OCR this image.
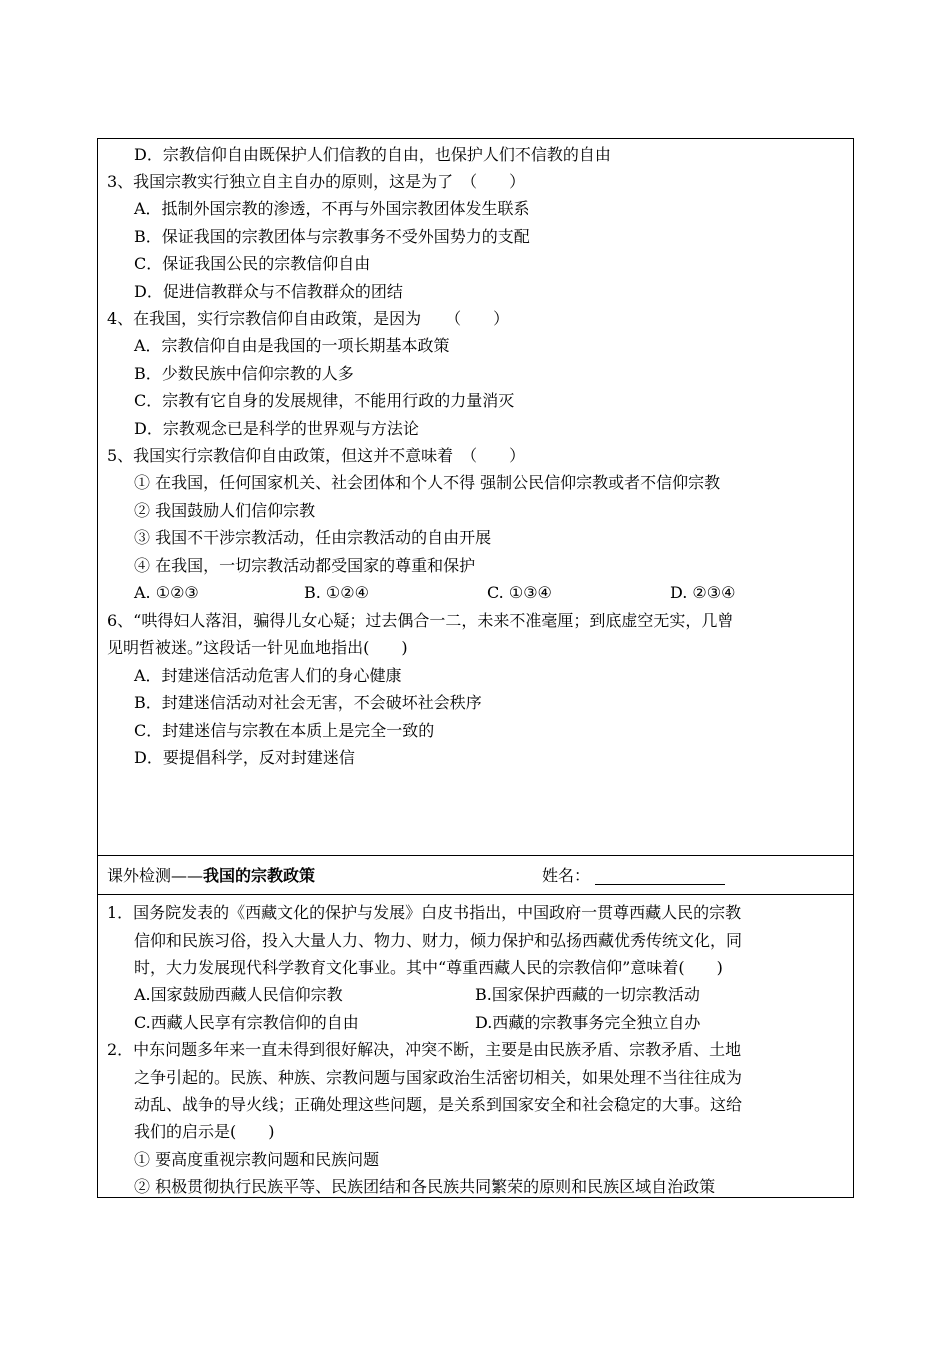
D．宗教信仰自由既保护人们信教的自由，也保护人们不信教的自由
3、我国宗教实行独立自主自办的原则，这是为了　（　　）
A．抵制外国宗教的渗透，不再与外国宗教团体发生联系
B．保证我国的宗教团体与宗教事务不受外国势力的支配
C．保证我国公民的宗教信仰自由
D．促进信教群众与不信教群众的团结
4、在我国，实行宗教信仰自由政策，是因为　　（　　）
A．宗教信仰自由是我国的一项长期基本政策
B．少数民族中信仰宗教的人多
C．宗教有它自身的发展规律，不能用行政的力量消灭
D．宗教观念已是科学的世界观与方法论
5、我国实行宗教信仰自由政策，但这并不意味着　（　　）
① 在我国，任何国家机关、社会团体和个人不得 强制公民信仰宗教或者不信仰宗教
② 我国鼓励人们信仰宗教
③ 我国不干涉宗教活动，任由宗教活动的自由开展
④ 在我国，一切宗教活动都受国家的尊重和保护
A. ①②③	B. ①②④	C. ①③④	D. ②③④
6、“哄得妇人落泪，骗得儿女心疑；过去偶合一二，未来不准毫厘；到底虚空无实，几曾
见明哲被迷。”这段话一针见血地指出(　　)
A．封建迷信活动危害人们的身心健康
B．封建迷信活动对社会无害，不会破坏社会秩序
C．封建迷信与宗教在本质上是完全一致的
D．要提倡科学，反对封建迷信
课外检测——我国的宗教政策	姓名：
1．国务院发表的《西藏文化的保护与发展》白皮书指出，中国政府一贯尊西藏人民的宗教
信仰和民族习俗，投入大量人力、物力、财力，倾力保护和弘扬西藏优秀传统文化，同
时，大力发展现代科学教育文化事业。其中“尊重西藏人民的宗教信仰”意味着(　　)
A.国家鼓励西藏人民信仰宗教	B.国家保护西藏的一切宗教活动
C.西藏人民享有宗教信仰的自由	D.西藏的宗教事务完全独立自办
2．中东问题多年来一直未得到很好解决，冲突不断，主要是由民族矛盾、宗教矛盾、土地
之争引起的。民族、种族、宗教问题与国家政治生活密切相关，如果处理不当往往成为
动乱、战争的导火线；正确处理这些问题，是关系到国家安全和社会稳定的大事。这给
我们的启示是(　　)
① 要高度重视宗教问题和民族问题
② 积极贯彻执行民族平等、民族团结和各民族共同繁荣的原则和民族区域自治政策
